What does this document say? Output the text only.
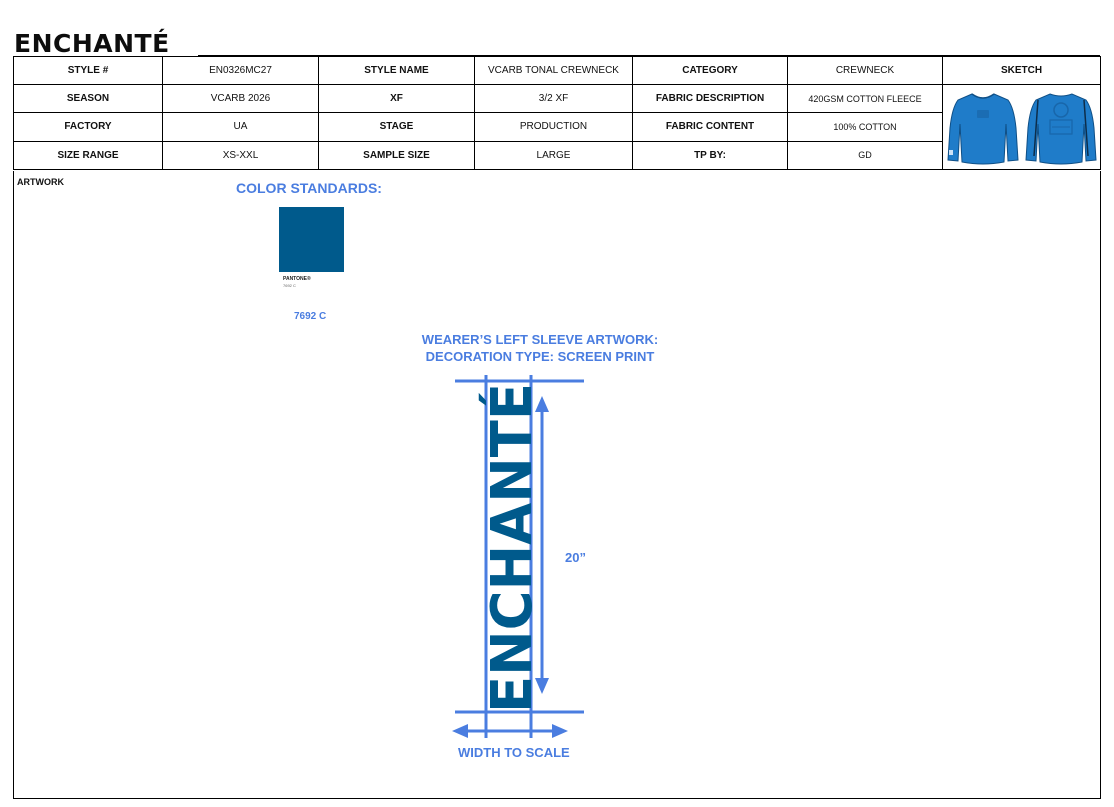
ENCHANTÉ
STYLE #	EN0326MC27	STYLE NAME	VCARB TONAL CREWNECK	CATEGORY	CREWNECK	SKETCH
SEASON	VCARB 2026	XF	3/2 XF	FABRIC DESCRIPTION	420GSM COTTON FLEECE	

FACTORY	UA	STAGE	PRODUCTION	FABRIC CONTENT	100% COTTON	
SIZE RANGE	XS-XXL	SAMPLE SIZE	LARGE	TP BY:	GD	
ARTWORK	COLOR STANDARDS:
PANTONE®
7692 C
7692 C
WEARER’S LEFT SLEEVE ARTWORK:
DECORATION TYPE: SCREEN PRINT
ENCHANTÉ 20”
WIDTH TO SCALE
